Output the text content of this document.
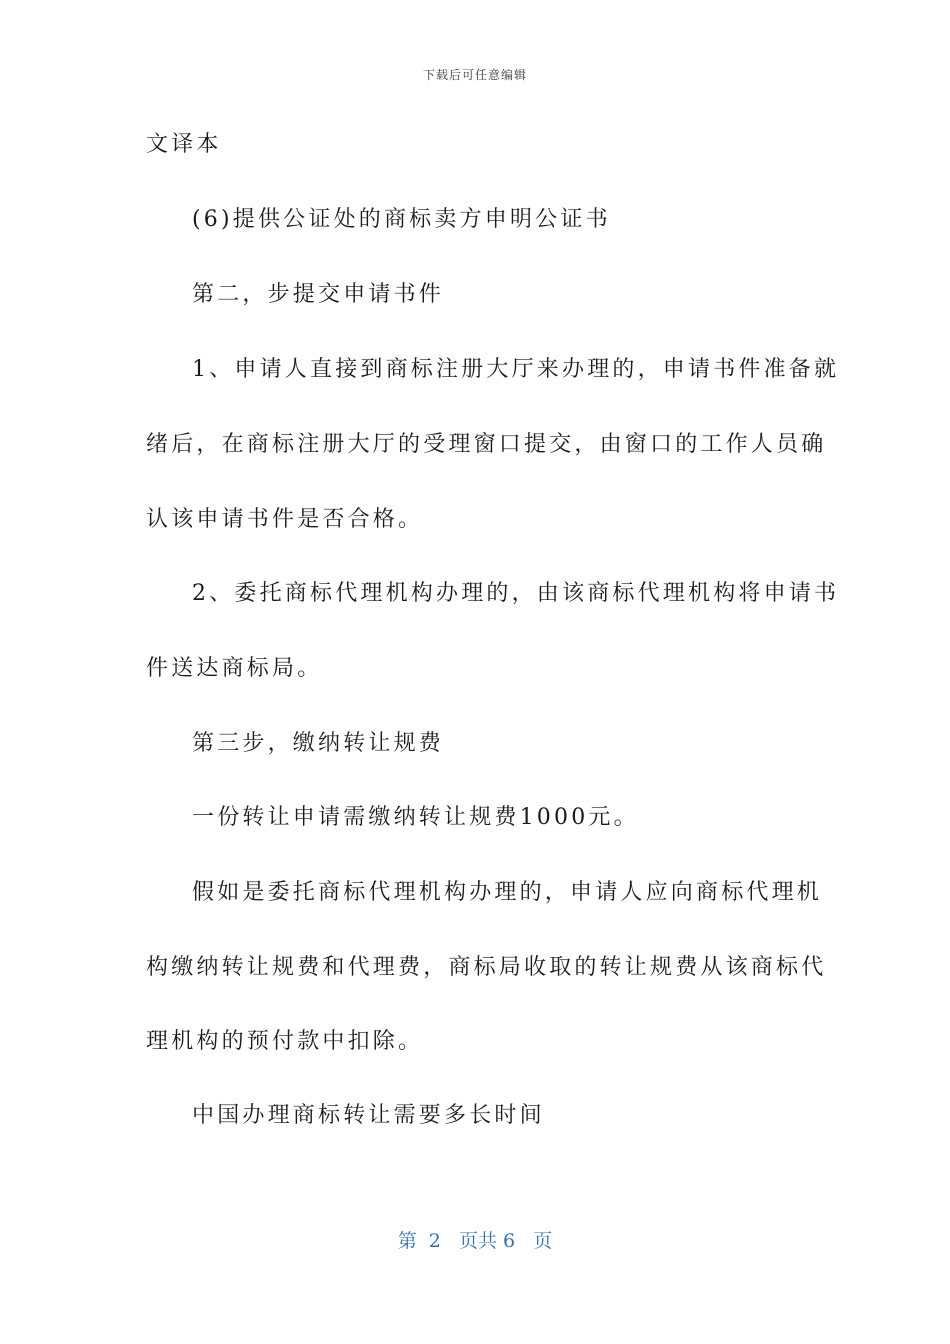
下载后可任意编辑
文译本
(6)提供公证处的商标卖方申明公证书
第二，步提交申请书件
1、申请人直接到商标注册大厅来办理的，申请书件准备就
绪后，在商标注册大厅的受理窗口提交，由窗口的工作人员确
认该申请书件是否合格。
2、委托商标代理机构办理的，由该商标代理机构将申请书
件送达商标局。
第三步，缴纳转让规费
一份转让申请需缴纳转让规费1000元。
假如是委托商标代理机构办理的，申请人应向商标代理机
构缴纳转让规费和代理费，商标局收取的转让规费从该商标代
理机构的预付款中扣除。
中国办理商标转让需要多长时间
第  2   页共 6   页
